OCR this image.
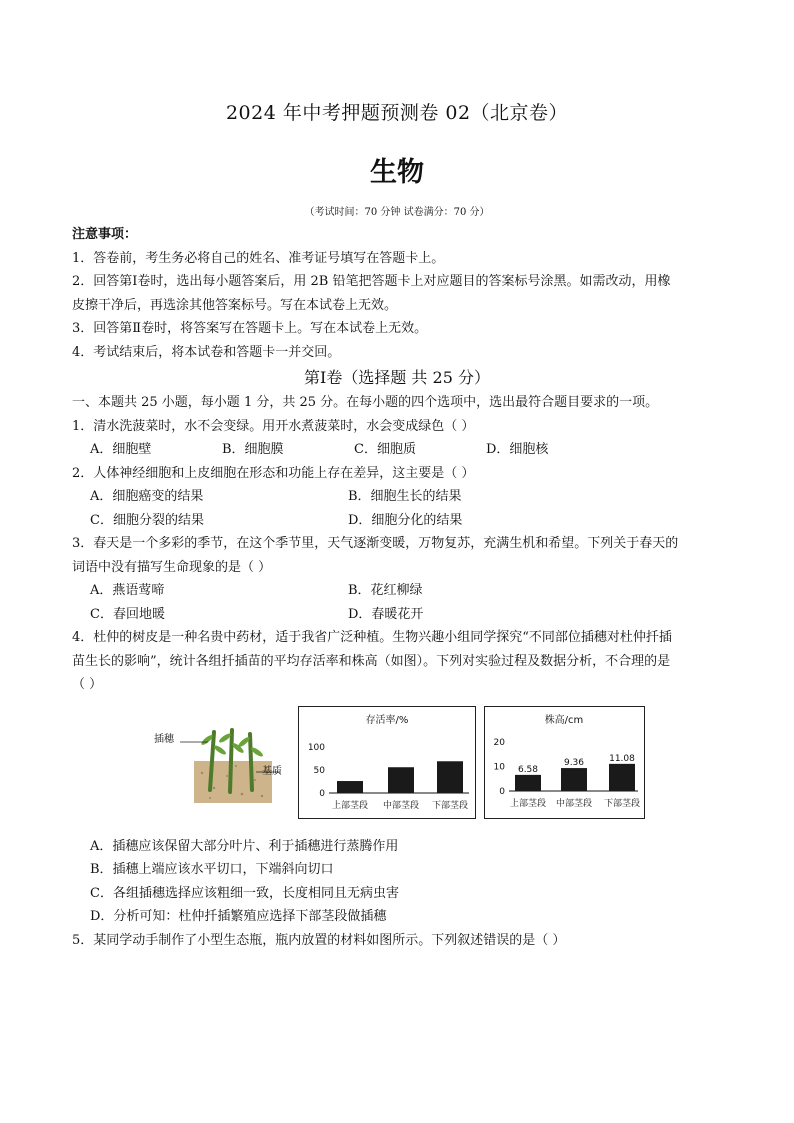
2024 年中考押题预测卷 02（北京卷）
生物
（考试时间：70 分钟 试卷满分：70 分）
注意事项：
1．答卷前，考生务必将自己的姓名、准考证号填写在答题卡上。
2．回答第Ⅰ卷时，选出每小题答案后，用 2B 铅笔把答题卡上对应题目的答案标号涂黑。如需改动，用橡
皮擦干净后，再选涂其他答案标号。写在本试卷上无效。
3．回答第Ⅱ卷时，将答案写在答题卡上。写在本试卷上无效。
4．考试结束后，将本试卷和答题卡一并交回。
第Ⅰ卷（选择题 共 25 分）
一、本题共 25 小题，每小题 1 分，共 25 分。在每小题的四个选项中，选出最符合题目要求的一项。
1．清水洗菠菜时，水不会变绿。用开水煮菠菜时，水会变成绿色（ ）
A．细胞壁	B．细胞膜	C．细胞质	D．细胞核
2．人体神经细胞和上皮细胞在形态和功能上存在差异，这主要是（ ）
A．细胞癌变的结果	B．细胞生长的结果
C．细胞分裂的结果	D．细胞分化的结果
3．春天是一个多彩的季节，在这个季节里，天气逐渐变暖，万物复苏，充满生机和希望。下列关于春天的
词语中没有描写生命现象的是（ ）
A．燕语莺啼	B．花红柳绿
C．春回地暖	D．春暖花开
4．杜仲的树皮是一种名贵中药材，适于我省广泛种植。生物兴趣小组同学探究“不同部位插穗对杜仲扦插
苗生长的影响”，统计各组扦插苗的平均存活率和株高（如图）。下列对实验过程及数据分析，不合理的是
（ ）
插穗
基质
存活率/%
0
50
100
上部茎段 中部茎段 下部茎段
株高/cm
0
10
20
6.58
上部茎段
9.36
中部茎段
11.08
下部茎段
A．插穗应该保留大部分叶片、利于插穗进行蒸腾作用
B．插穗上端应该水平切口，下端斜向切口
C．各组插穗选择应该粗细一致，长度相同且无病虫害
D．分析可知：杜仲扦插繁殖应选择下部茎段做插穗
5．某同学动手制作了小型生态瓶，瓶内放置的材料如图所示。下列叙述错误的是（ ）
